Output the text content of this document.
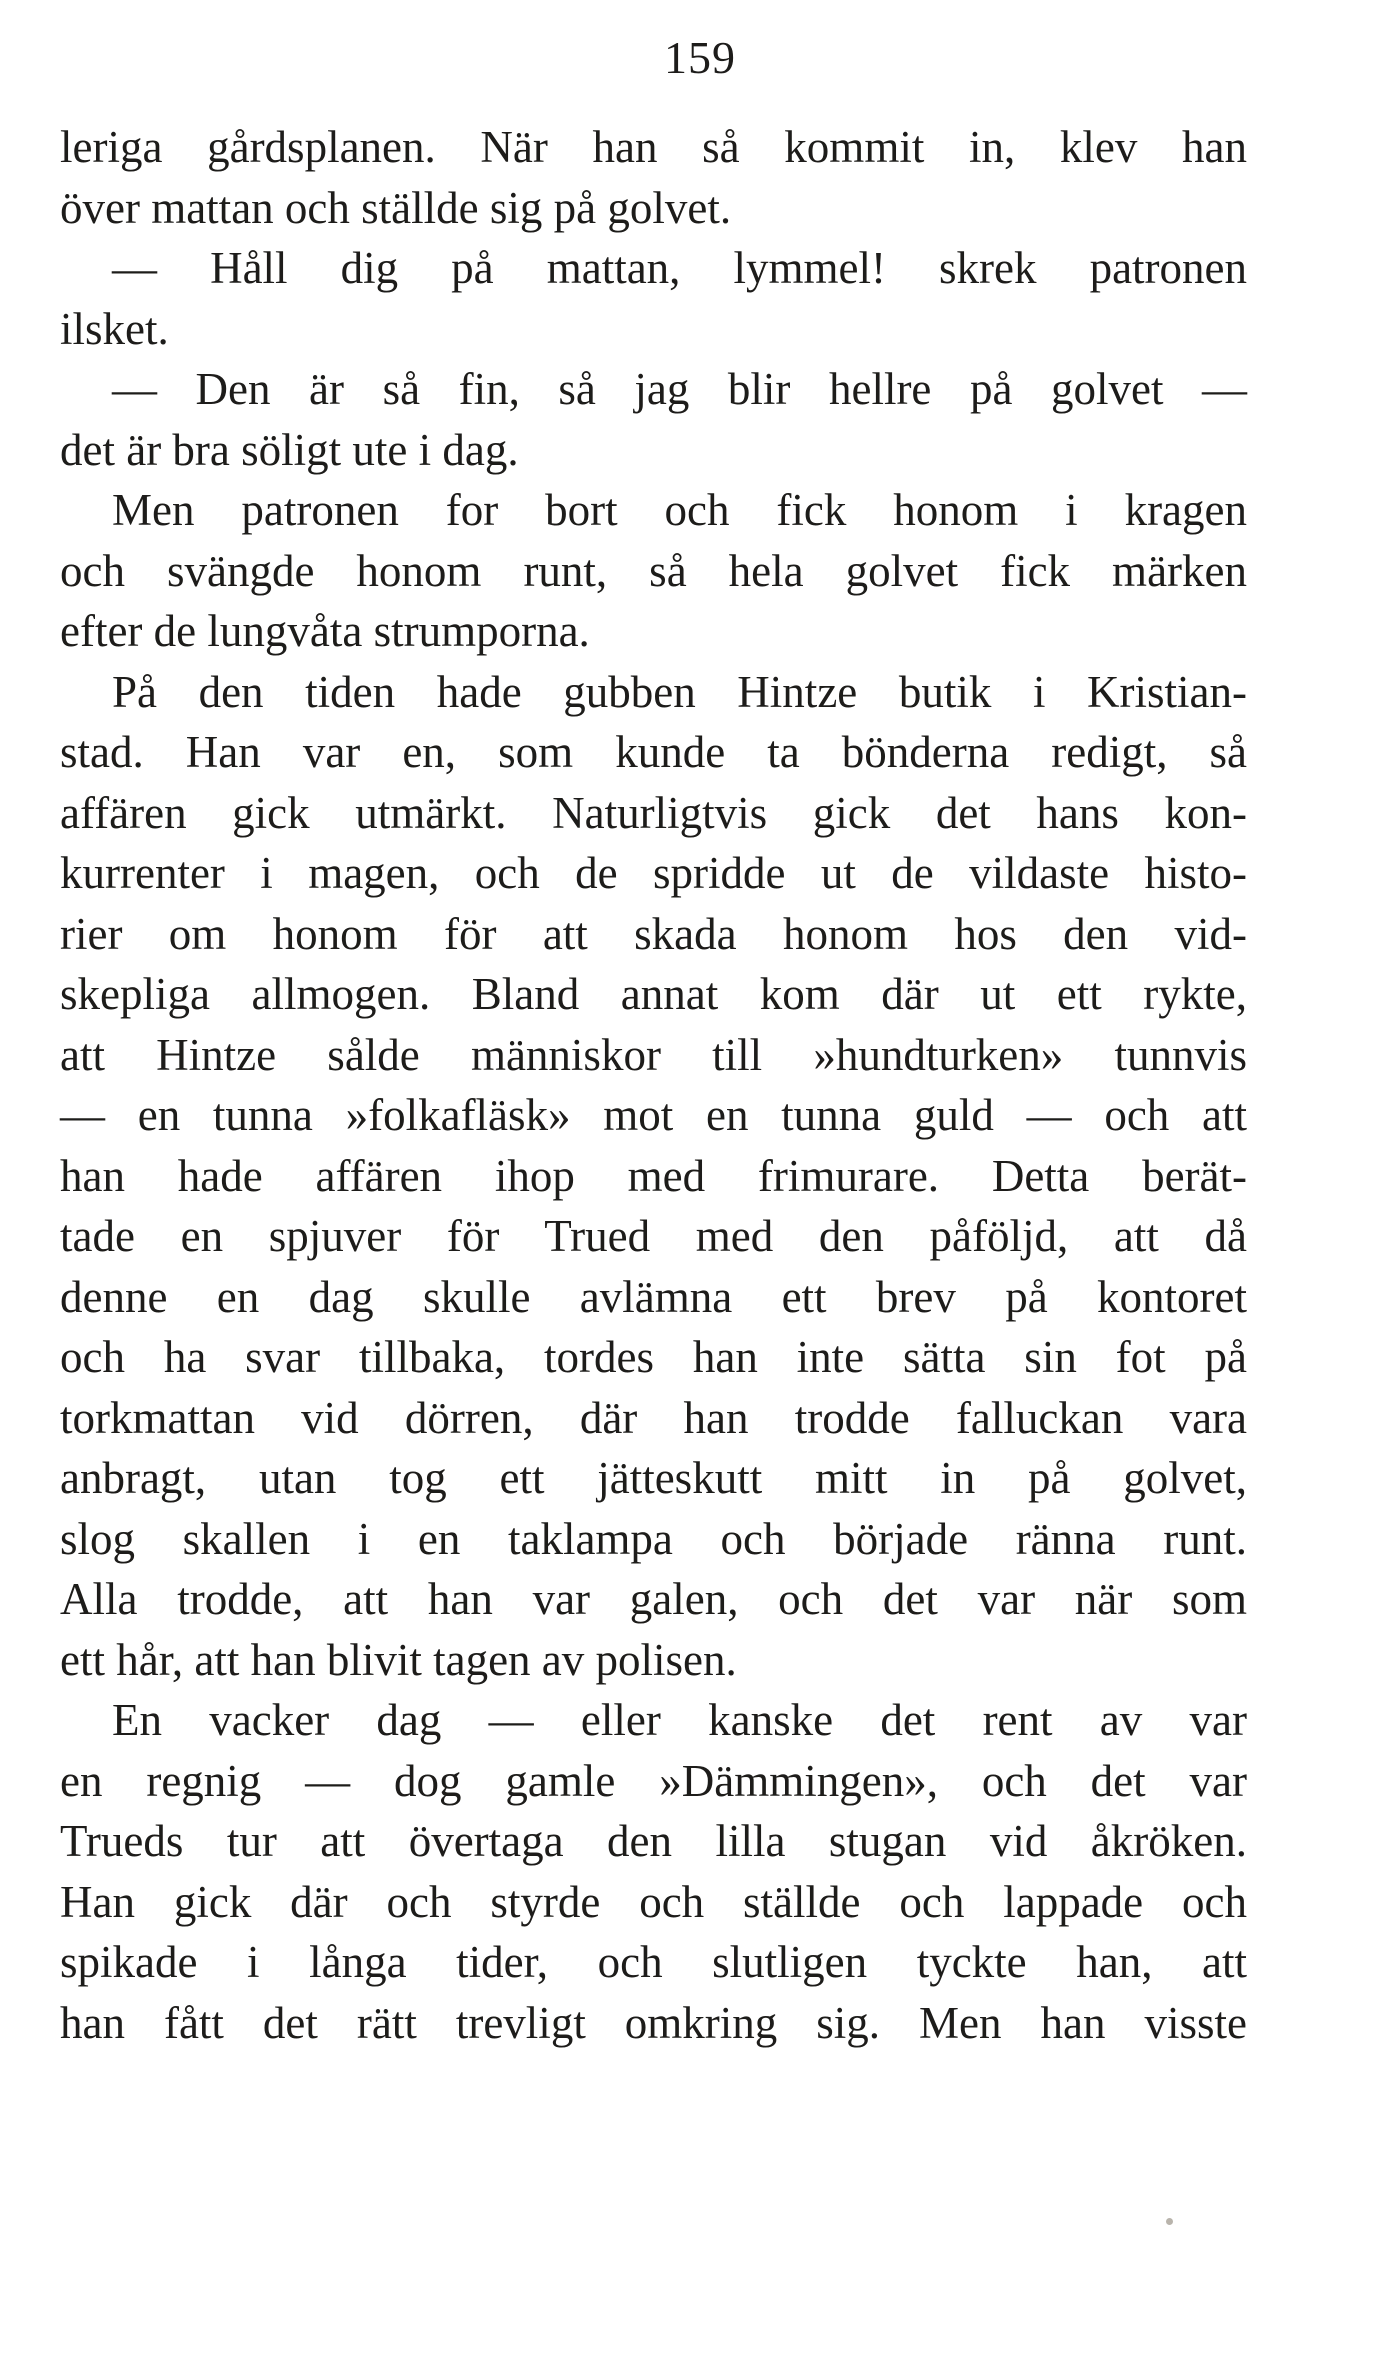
159
leriga gårdsplanen. När han så kommit in, klev han
över mattan och ställde sig på golvet.
— Håll dig på mattan, lymmel! skrek patronen
ilsket.
— Den är så fin, så jag blir hellre på golvet —
det är bra söligt ute i dag.
Men patronen for bort och fick honom i kragen
och svängde honom runt, så hela golvet fick märken
efter de lungvåta strumporna.
På den tiden hade gubben Hintze butik i Kristian-
stad. Han var en, som kunde ta bönderna redigt, så
affären gick utmärkt. Naturligtvis gick det hans kon-
kurrenter i magen, och de spridde ut de vildaste histo-
rier om honom för att skada honom hos den vid-
skepliga allmogen. Bland annat kom där ut ett rykte,
att Hintze sålde människor till »hundturken» tunnvis
— en tunna »folkafläsk» mot en tunna guld — och att
han hade affären ihop med frimurare. Detta berät-
tade en spjuver för Trued med den påföljd, att då
denne en dag skulle avlämna ett brev på kontoret
och ha svar tillbaka, tordes han inte sätta sin fot på
torkmattan vid dörren, där han trodde falluckan vara
anbragt, utan tog ett jätteskutt mitt in på golvet,
slog skallen i en taklampa och började ränna runt.
Alla trodde, att han var galen, och det var när som
ett hår, att han blivit tagen av polisen.
En vacker dag — eller kanske det rent av var
en regnig — dog gamle »Dämmingen», och det var
Trueds tur att övertaga den lilla stugan vid åkröken.
Han gick där och styrde och ställde och lappade och
spikade i långa tider, och slutligen tyckte han, att
han fått det rätt trevligt omkring sig. Men han visste
